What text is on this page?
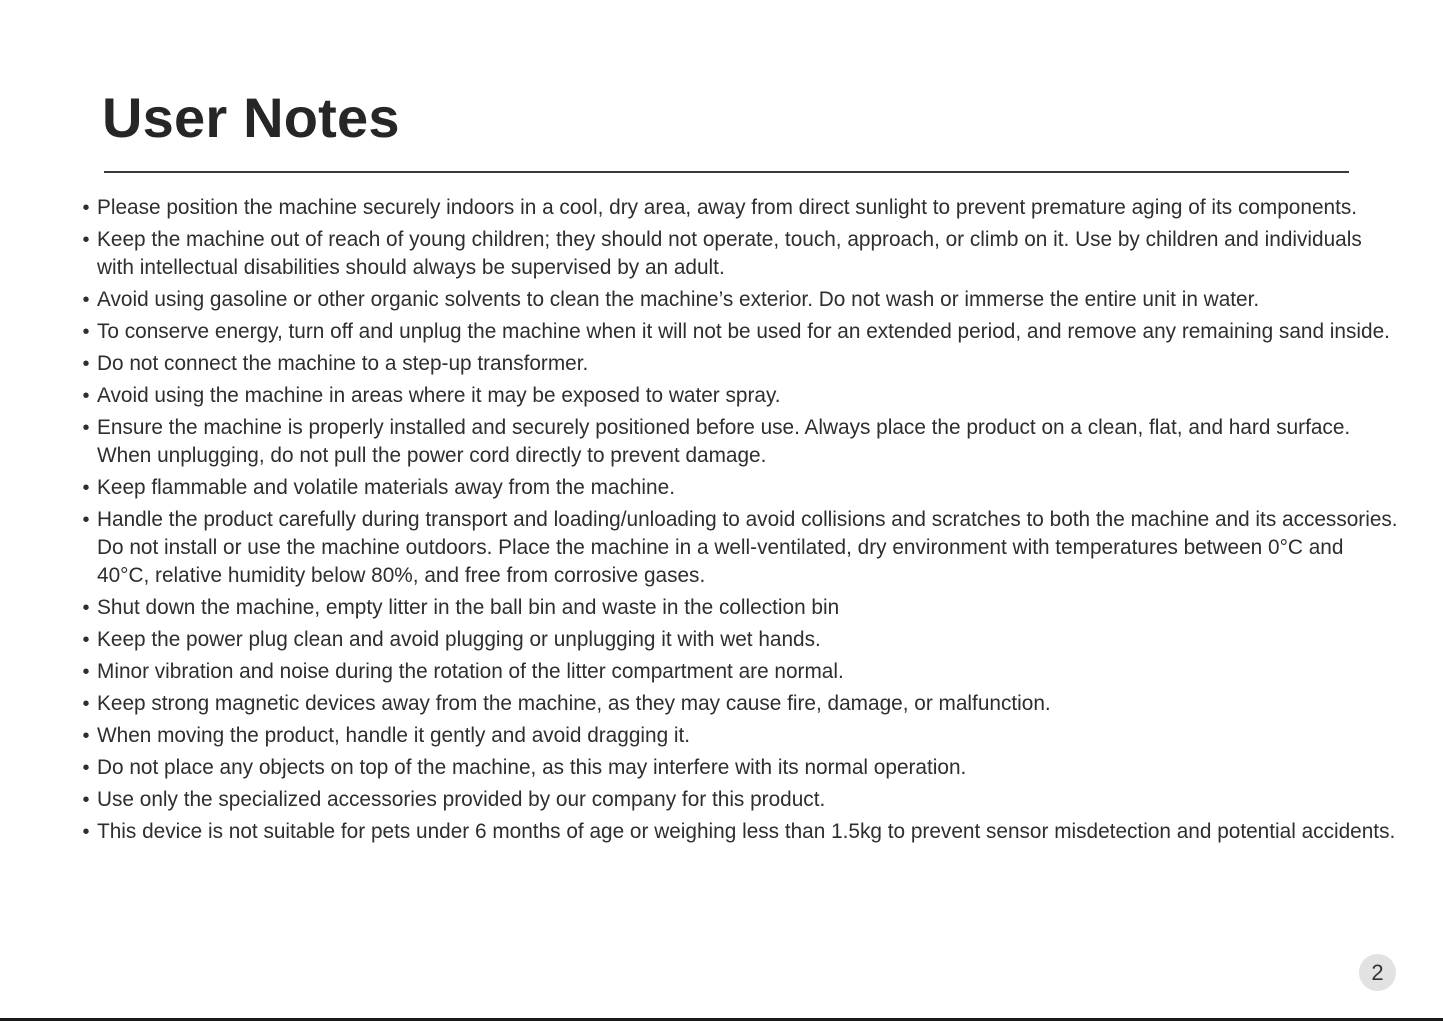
User Notes
• Please position the machine securely indoors in a cool, dry area, away from direct sunlight to prevent premature aging of its components.
• Keep the machine out of reach of young children; they should not operate, touch, approach, or climb on it. Use by children and individuals with intellectual disabilities should always be supervised by an adult.
• Avoid using gasoline or other organic solvents to clean the machine’s exterior. Do not wash or immerse the entire unit in water.
• To conserve energy, turn off and unplug the machine when it will not be used for an extended period, and remove any remaining sand inside.
• Do not connect the machine to a step-up transformer.
• Avoid using the machine in areas where it may be exposed to water spray.
• Ensure the machine is properly installed and securely positioned before use. Always place the product on a clean, flat, and hard surface. When unplugging, do not pull the power cord directly to prevent damage.
• Keep flammable and volatile materials away from the machine.
• Handle the product carefully during transport and loading/unloading to avoid collisions and scratches to both the machine and its accessories. Do not install or use the machine outdoors. Place the machine in a well-ventilated, dry environment with temperatures between 0°C and 40°C, relative humidity below 80%, and free from corrosive gases.
• Shut down the machine, empty litter in the ball bin and waste in the collection bin
• Keep the power plug clean and avoid plugging or unplugging it with wet hands.
• Minor vibration and noise during the rotation of the litter compartment are normal.
• Keep strong magnetic devices away from the machine, as they may cause fire, damage, or malfunction.
• When moving the product, handle it gently and avoid dragging it.
• Do not place any objects on top of the machine, as this may interfere with its normal operation.
• Use only the specialized accessories provided by our company for this product.
• This device is not suitable for pets under 6 months of age or weighing less than 1.5kg to prevent sensor misdetection and potential accidents.
2
